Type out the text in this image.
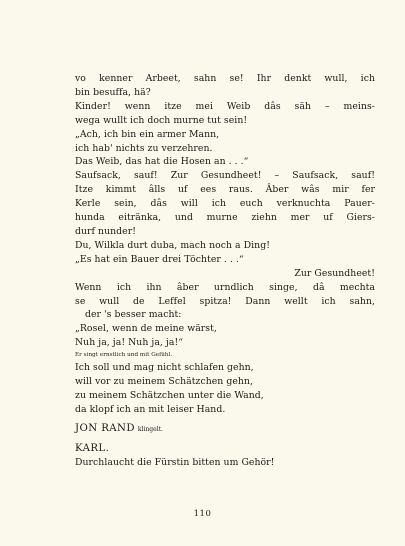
vo kenner Arbeet, sahn se! Ihr denkt wull, ich
bin besuffa, hä?
Kinder! wenn itze mei Weib dâs säh – meins-
wega wullt ich doch murne tut sein!
„Ach, ich bin ein armer Mann,
ich hab' nichts zu verzehren.
Das Weib, das hat die Hosen an . . .“
Saufsack, sauf! Zur Gesundheet! – Saufsack, sauf!
Itze kimmt âlls uf ees raus. Âber wâs mir fer
Kerle sein, dâs will ich euch verknuchta Pauer-
hunda eitränka, und murne ziehn mer uf Giers-
durf nunder!
Du, Wilkla durt duba, mach noch a Ding!
„Es hat ein Bauer drei Töchter . . .“
Zur Gesundheet!
Wenn ich ihn âber urndlich singe, dâ mechta
se wull de Leffel spitza! Dann wellt ich sahn,
der 's besser macht:
„Rosel, wenn de meine wärst,
Nuh ja, ja! Nuh ja, ja!“
Er singt ernstlich und mit Gefühl.
Ich soll und mag nicht schlafen gehn,
will vor zu meinem Schätzchen gehn,
zu meinem Schätzchen unter die Wand,
da klopf ich an mit leiser Hand.
JON RAND klingelt.
KARL.
Durchlaucht die Fürstin bitten um Gehör!
110
